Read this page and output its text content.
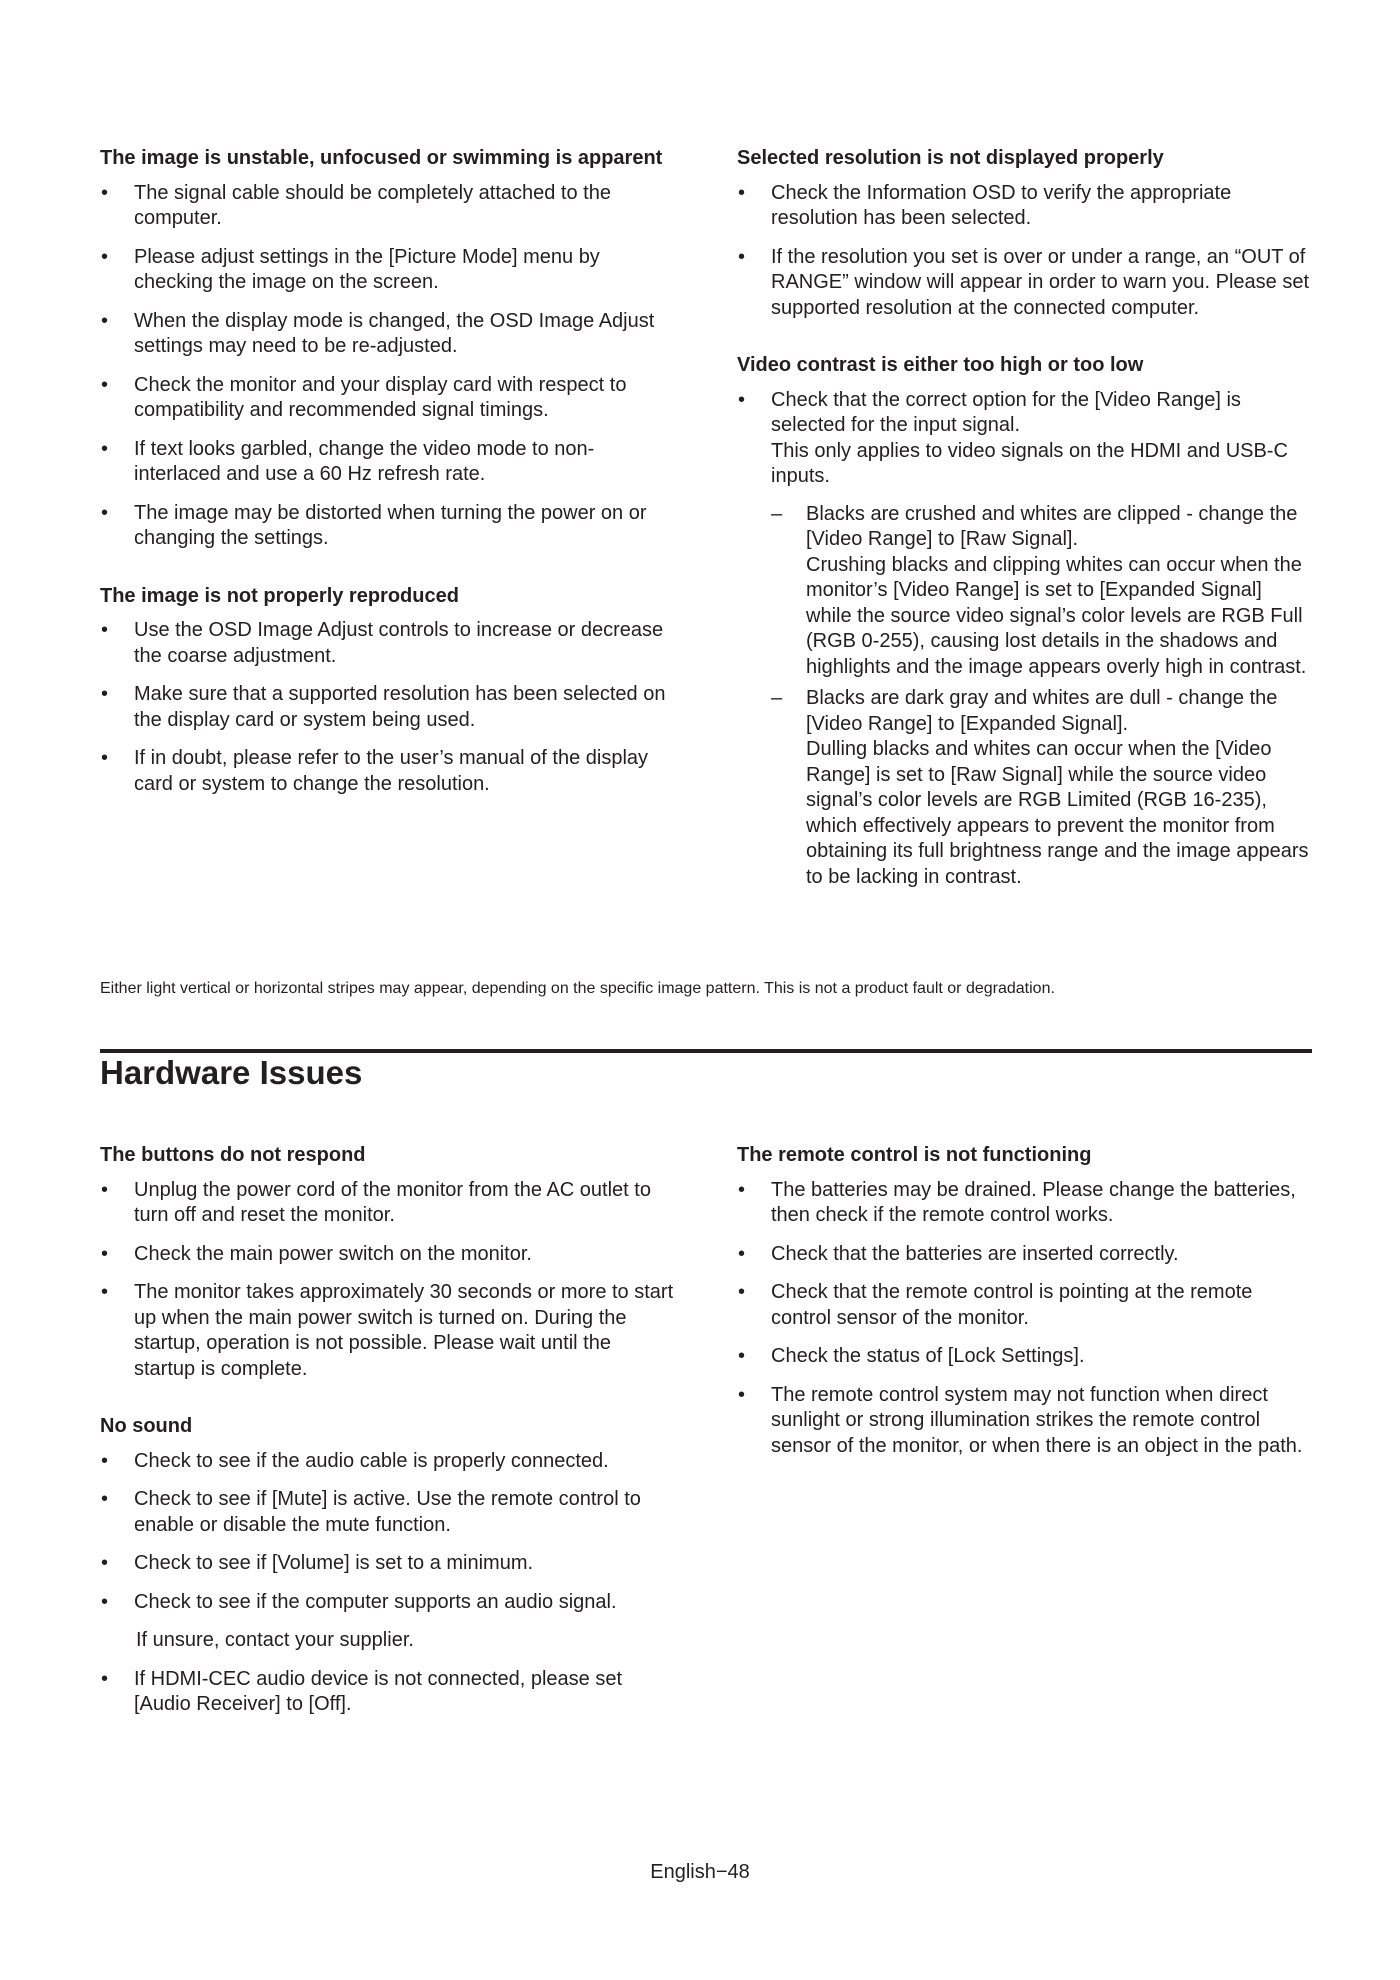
The image is unstable, unfocused or swimming is apparent
• The signal cable should be completely attached to the computer.
• Please adjust settings in the [Picture Mode] menu by checking the image on the screen.
• When the display mode is changed, the OSD Image Adjust settings may need to be re-adjusted.
• Check the monitor and your display card with respect to compatibility and recommended signal timings.
• If text looks garbled, change the video mode to non-interlaced and use a 60 Hz refresh rate.
• The image may be distorted when turning the power on or changing the settings.
The image is not properly reproduced
• Use the OSD Image Adjust controls to increase or decrease the coarse adjustment.
• Make sure that a supported resolution has been selected on the display card or system being used.
• If in doubt, please refer to the user’s manual of the display card or system to change the resolution.
Selected resolution is not displayed properly
• Check the Information OSD to verify the appropriate resolution has been selected.
• If the resolution you set is over or under a range, an “OUT of RANGE” window will appear in order to warn you. Please set supported resolution at the connected computer.
Video contrast is either too high or too low
• Check that the correct option for the [Video Range] is selected for the input signal.
This only applies to video signals on the HDMI and USB-C inputs.
– Blacks are crushed and whites are clipped - change the [Video Range] to [Raw Signal].
Crushing blacks and clipping whites can occur when the monitor’s [Video Range] is set to [Expanded Signal] while the source video signal’s color levels are RGB Full (RGB 0-255), causing lost details in the shadows and highlights and the image appears overly high in contrast.
– Blacks are dark gray and whites are dull - change the [Video Range] to [Expanded Signal].
Dulling blacks and whites can occur when the [Video Range] is set to [Raw Signal] while the source video signal’s color levels are RGB Limited (RGB 16-235), which effectively appears to prevent the monitor from obtaining its full brightness range and the image appears to be lacking in contrast.
Either light vertical or horizontal stripes may appear, depending on the specific image pattern. This is not a product fault or degradation.
Hardware Issues
The buttons do not respond
• Unplug the power cord of the monitor from the AC outlet to turn off and reset the monitor.
• Check the main power switch on the monitor.
• The monitor takes approximately 30 seconds or more to start up when the main power switch is turned on. During the startup, operation is not possible. Please wait until the startup is complete.
No sound
• Check to see if the audio cable is properly connected.
• Check to see if [Mute] is active. Use the remote control to enable or disable the mute function.
• Check to see if [Volume] is set to a minimum.
• Check to see if the computer supports an audio signal.
If unsure, contact your supplier.
• If HDMI-CEC audio device is not connected, please set [Audio Receiver] to [Off].
The remote control is not functioning
• The batteries may be drained. Please change the batteries, then check if the remote control works.
• Check that the batteries are inserted correctly.
• Check that the remote control is pointing at the remote control sensor of the monitor.
• Check the status of [Lock Settings].
• The remote control system may not function when direct sunlight or strong illumination strikes the remote control sensor of the monitor, or when there is an object in the path.
English−48
